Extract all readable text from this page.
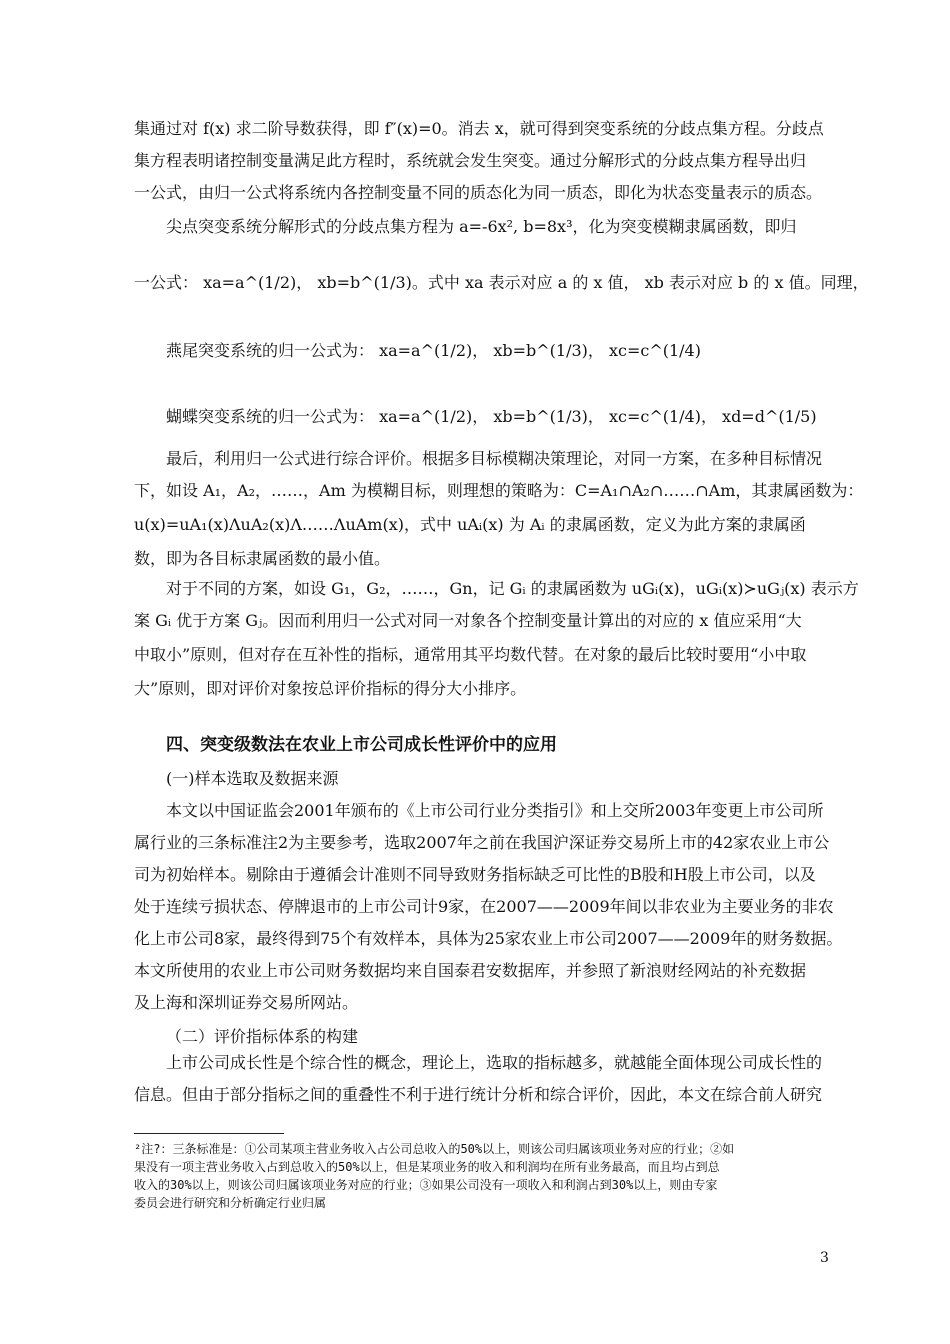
集通过对 f(x) 求二阶导数获得，即 f″(x)=0。消去 x，就可得到突变系统的分歧点集方程。分歧点
集方程表明诸控制变量满足此方程时，系统就会发生突变。通过分解形式的分歧点集方程导出归
一公式，由归一公式将系统内各控制变量不同的质态化为同一质态，即化为状态变量表示的质态。
尖点突变系统分解形式的分歧点集方程为 a=-6x², b=8x³，化为突变模糊隶属函数，即归
一公式： xa=a^(1/2)， xb=b^(1/3)。式中 xa 表示对应 a 的 x 值， xb 表示对应 b 的 x 值。同理，
燕尾突变系统的归一公式为： xa=a^(1/2)， xb=b^(1/3)， xc=c^(1/4)
蝴蝶突变系统的归一公式为： xa=a^(1/2)， xb=b^(1/3)， xc=c^(1/4)， xd=d^(1/5)
最后，利用归一公式进行综合评价。根据多目标模糊决策理论，对同一方案，在多种目标情况
下，如设 A₁，A₂，……，Am 为模糊目标，则理想的策略为：C=A₁∩A₂∩……∩Am，其隶属函数为：
u(x)=uA₁(x)ΛuA₂(x)Λ……ΛuAm(x)，式中 uAᵢ(x) 为 Aᵢ 的隶属函数，定义为此方案的隶属函
数，即为各目标隶属函数的最小值。
对于不同的方案，如设 G₁，G₂，……，Gn，记 Gᵢ 的隶属函数为 uGᵢ(x)，uGᵢ(x)≻uGⱼ(x) 表示方
案 Gᵢ 优于方案 Gⱼ。因而利用归一公式对同一对象各个控制变量计算出的对应的 x 值应采用“大
中取小”原则，但对存在互补性的指标，通常用其平均数代替。在对象的最后比较时要用“小中取
大”原则，即对评价对象按总评价指标的得分大小排序。
四、突变级数法在农业上市公司成长性评价中的应用
(一)样本选取及数据来源
本文以中国证监会2001年颁布的《上市公司行业分类指引》和上交所2003年变更上市公司所
属行业的三条标准注2为主要参考，选取2007年之前在我国沪深证券交易所上市的42家农业上市公
司为初始样本。剔除由于遵循会计准则不同导致财务指标缺乏可比性的B股和H股上市公司，以及
处于连续亏损状态、停牌退市的上市公司计9家，在2007——2009年间以非农业为主要业务的非农
化上市公司8家，最终得到75个有效样本，具体为25家农业上市公司2007——2009年的财务数据。
本文所使用的农业上市公司财务数据均来自国泰君安数据库，并参照了新浪财经网站的补充数据
及上海和深圳证券交易所网站。
（二）评价指标体系的构建
上市公司成长性是个综合性的概念，理论上，选取的指标越多，就越能全面体现公司成长性的
信息。但由于部分指标之间的重叠性不利于进行统计分析和综合评价，因此，本文在综合前人研究
²注?：三条标准是：①公司某项主营业务收入占公司总收入的50%以上，则该公司归属该项业务对应的行业；②如
果没有一项主营业务收入占到总收入的50%以上，但是某项业务的收入和利润均在所有业务最高，而且均占到总
收入的30%以上，则该公司归属该项业务对应的行业；③如果公司没有一项收入和利润占到30%以上，则由专家
委员会进行研究和分析确定行业归属
3
